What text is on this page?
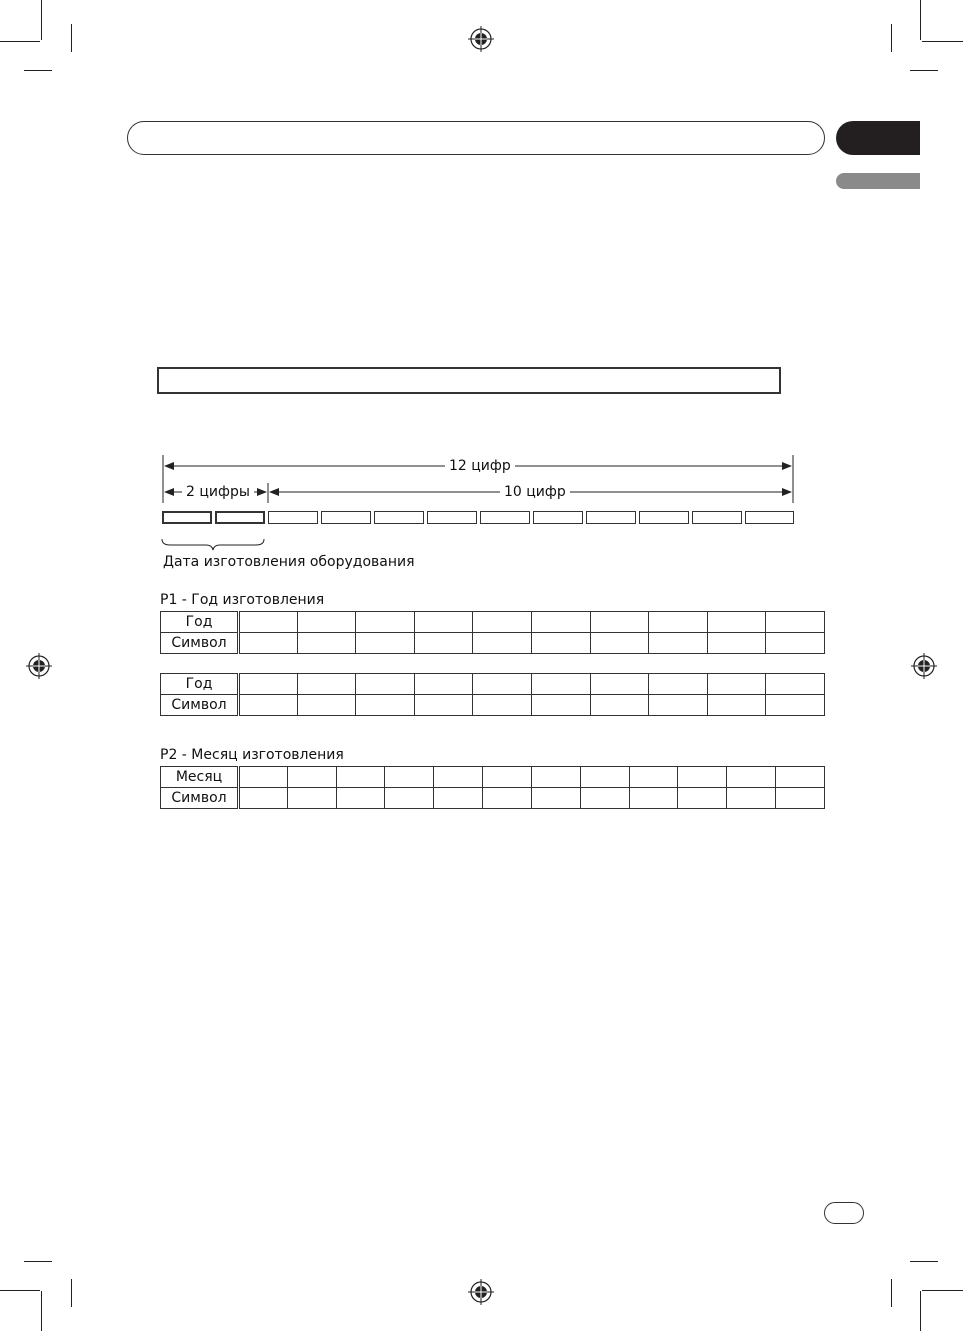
12 цифр
2 цифры	10 цифр
Дата изготовления оборудования
P1 - Год изготовления
Год										
Символ										
Год										
Символ										
P2 - Месяц изготовления
Месяц												
Символ												
